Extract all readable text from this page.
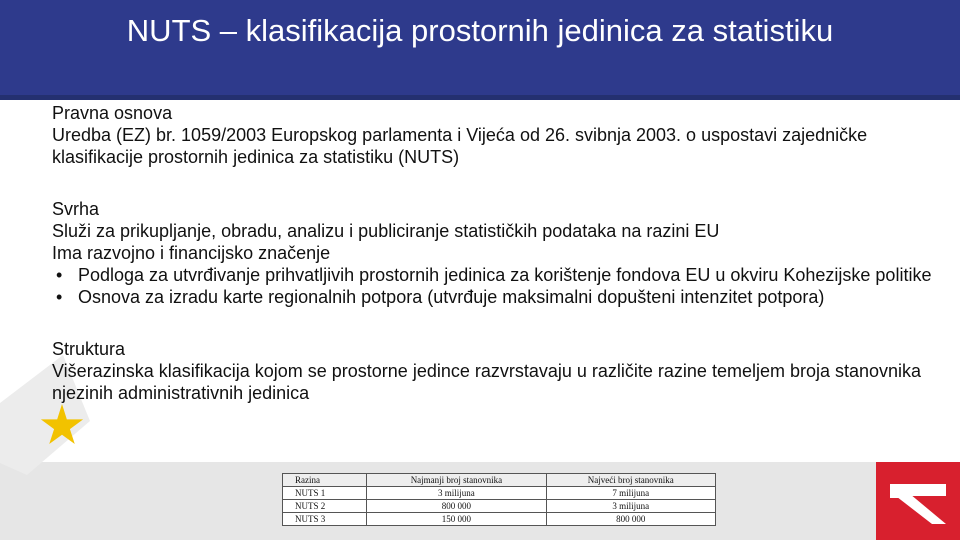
NUTS – klasifikacija prostornih jedinica za statistiku

Pravna osnova

Uredba (EZ) br. 1059/2003 Europskog parlamenta i Vijeća od 26. svibnja 2003. o uspostavi zajedničke klasifikacije prostornih jedinica za statistiku (NUTS)

Svrha

Služi za prikupljanje, obradu, analizu i publiciranje statističkih podataka na razini EU

Ima razvojno i financijsko značenje

• Podloga za utvrđivanje prihvatljivih prostornih jedinica za korištenje fondova EU u okviru Kohezijske politike
• Osnova za izradu karte regionalnih potpora (utvrđuje maksimalni dopušteni intenzitet potpora)

Struktura

Višerazinska klasifikacija kojom se prostorne jedince razvrstavaju u različite razine temeljem broja stanovnika njezinih administrativnih jedinica

Razina	Najmanji broj stanovnika	Najveći broj stanovnika
NUTS 1	3 milijuna	7 milijuna
NUTS 2	800 000	3 milijuna
NUTS 3	150 000	800 000
